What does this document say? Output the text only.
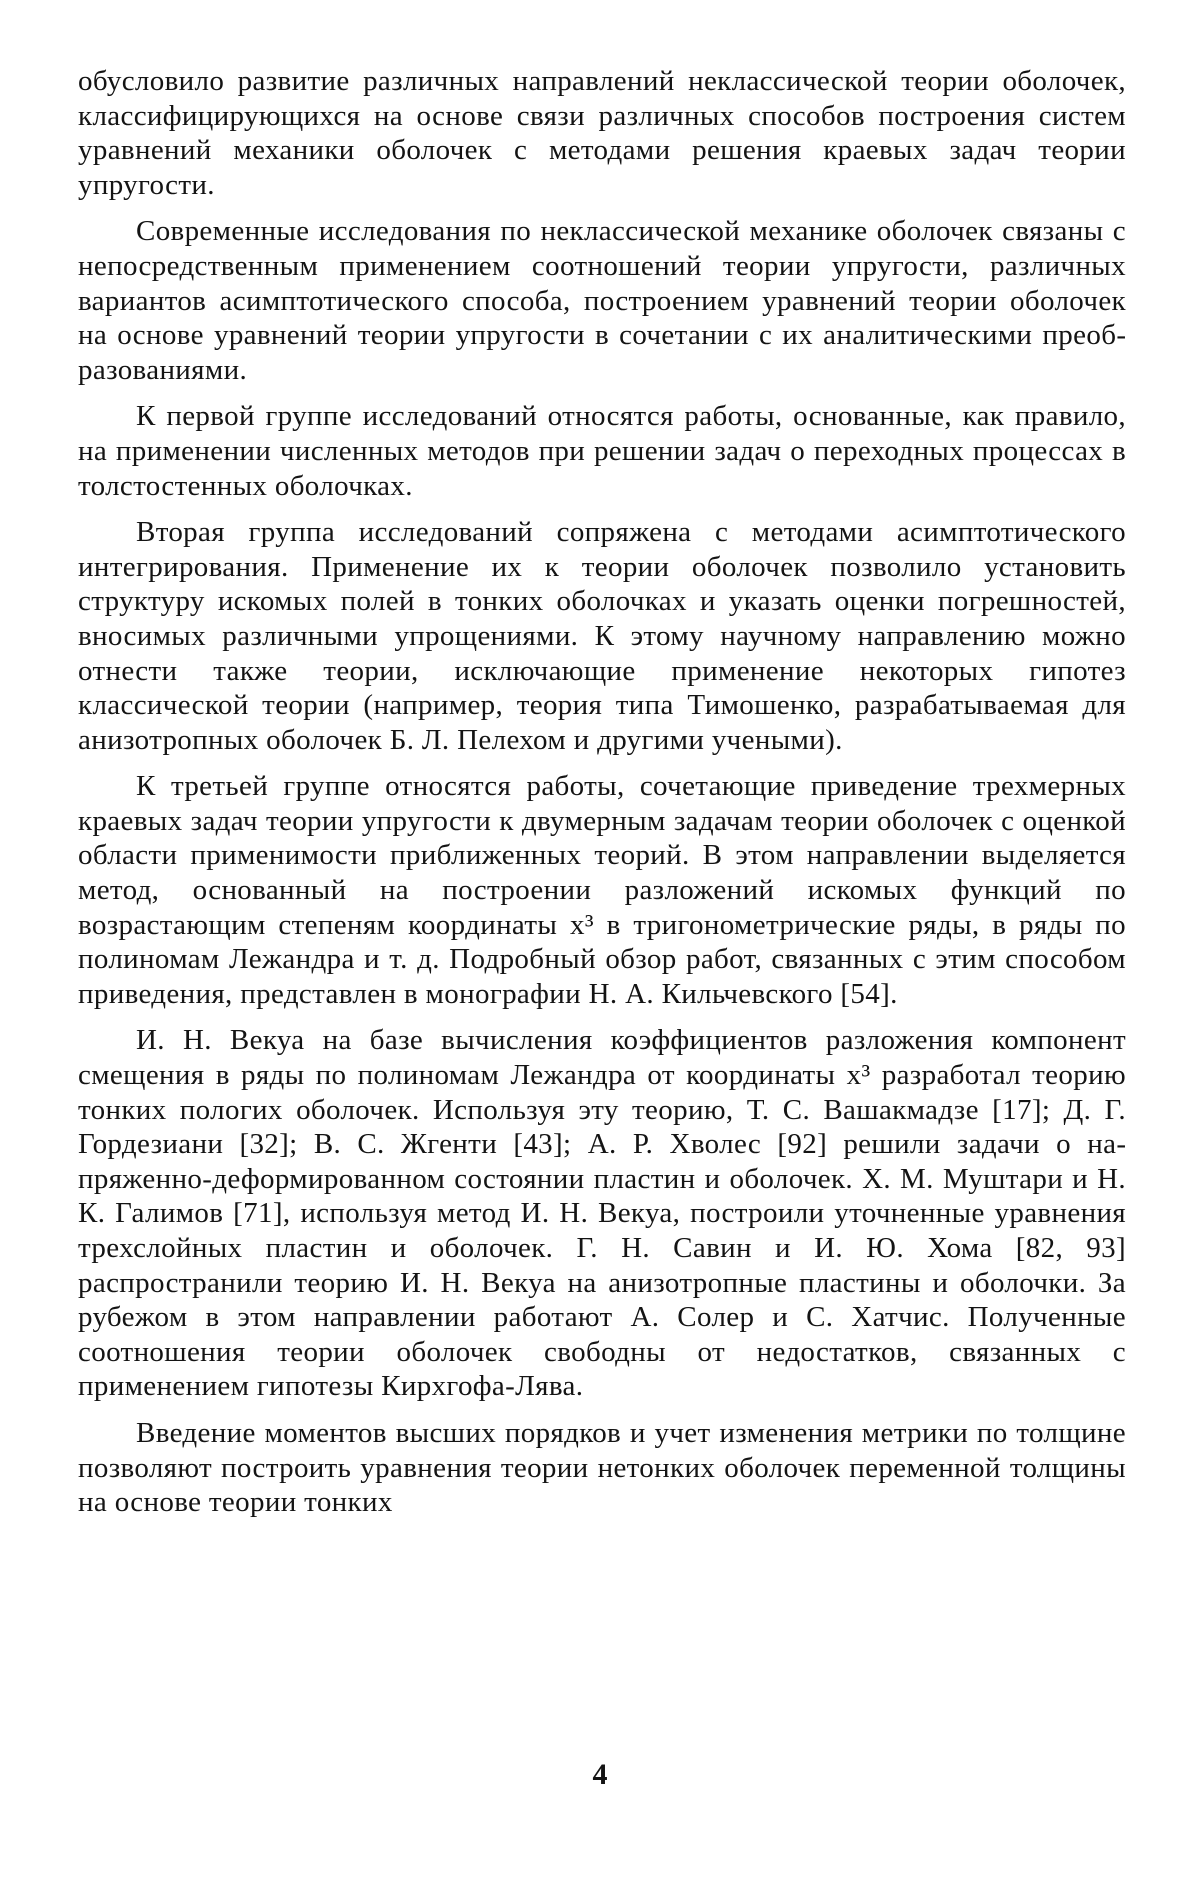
обусловило развитие различных направлений неклассической теории оболочек, классифицирующихся на основе связи различных способов построения систем уравнений механики оболочек с методами решения краевых задач теории упругости.

Современные исследования по неклассической механике оболочек связаны с непосредственным применением соотношений теории упругости, различных вариантов асимптотического способа, построением уравнений теории оболочек на основе уравнений теории упругости в сочетании с их аналитическими преобразованиями.

К первой группе исследований относятся работы, основанные, как правило, на применении численных методов при решении задач о переходных процессах в толстостенных оболочках.

Вторая группа исследований сопряжена с методами асимптотического интегрирования. Применение их к теории оболочек позволило установить структуру искомых полей в тонких оболочках и указать оценки погрешностей, вносимых различными упрощениями. К этому научному направлению можно отнести также теории, исключающие применение некоторых гипотез классической теории (например, теория типа Тимошенко, разрабатываемая для анизотропных оболочек Б. Л. Пелехом и другими учеными).

К третьей группе относятся работы, сочетающие приведение трехмерных краевых задач теории упругости к двумерным задачам теории оболочек с оценкой области применимости приближенных теорий. В этом направлении выделяется метод, основанный на построении разложений искомых функций по возрастающим степеням координаты x³ в тригонометрические ряды, в ряды по полиномам Лежандра и т. д. Подробный обзор работ, связанных с этим способом приведения, представлен в монографии Н. А. Кильчевского [54].

И. Н. Векуа на базе вычисления коэффициентов разложения компонент смещения в ряды по полиномам Лежандра от координаты x³ разработал теорию тонких пологих оболочек. Используя эту теорию, Т. С. Вашакмадзе [17]; Д. Г. Гордезиани [32]; В. С. Жгенти [43]; А. Р. Хволес [92] решили задачи о напряженно-деформированном состоянии пластин и оболочек. Х. М. Муштари и Н. К. Галимов [71], используя метод И. Н. Векуа, построили уточненные уравнения трехслойных пластин и оболочек. Г. Н. Савин и И. Ю. Хома [82, 93] распространили теорию И. Н. Векуа на анизотропные пластины и оболочки. За рубежом в этом направлении работают А. Солер и С. Хатчис. Полученные соотношения теории оболочек свободны от недостатков, связанных с применением гипотезы Кирхгофа-Лява.

Введение моментов высших порядков и учет изменения метрики по толщине позволяют построить уравнения теории нетонких оболочек переменной толщины на основе теории тонких

4
